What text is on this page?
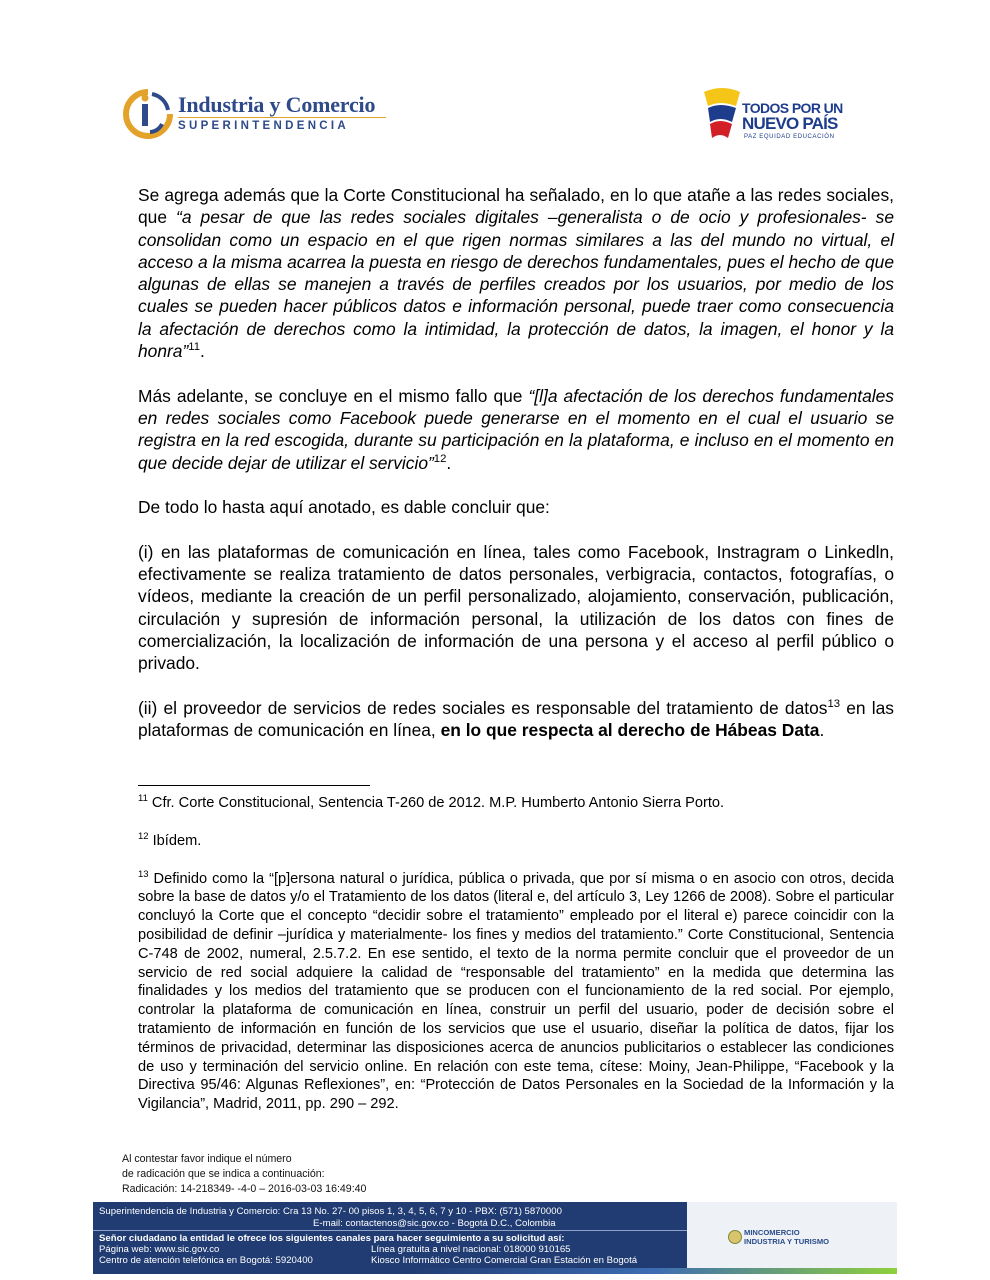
Industria y Comercio
SUPERINTENDENCIA
TODOS POR UN
NUEVO PAÍS
PAZ EQUIDAD EDUCACIÓN

Se agrega además que la Corte Constitucional ha señalado, en lo que atañe a las redes sociales, que “a pesar de que las redes sociales digitales –generalista o de ocio y profesionales- se consolidan como un espacio en el que rigen normas similares a las del mundo no virtual, el acceso a la misma acarrea la puesta en riesgo de derechos fundamentales, pues el hecho de que algunas de ellas se manejen a través de perfiles creados por los usuarios, por medio de los cuales se pueden hacer públicos datos e información personal, puede traer como consecuencia la afectación de derechos como la intimidad, la protección de datos, la imagen, el honor y la honra”$^{11}$.

Más adelante, se concluye en el mismo fallo que “[l]a afectación de los derechos fundamentales en redes sociales como Facebook puede generarse en el momento en el cual el usuario se registra en la red escogida, durante su participación en la plataforma, e incluso en el momento en que decide dejar de utilizar el servicio”$^{12}$.

De todo lo hasta aquí anotado, es dable concluir que:

(i) en las plataformas de comunicación en línea, tales como Facebook, Instragram o Linkedln, efectivamente se realiza tratamiento de datos personales, verbigracia, contactos, fotografías, o vídeos, mediante la creación de un perfil personalizado, alojamiento, conservación, publicación, circulación y supresión de información personal, la utilización de los datos con fines de comercialización, la localización de información de una persona y el acceso al perfil público o privado.

(ii) el proveedor de servicios de redes sociales es responsable del tratamiento de datos$^{13}$ en las plataformas de comunicación en línea, en lo que respecta al derecho de Hábeas Data.

$^{11}$ Cfr. Corte Constitucional, Sentencia T-260 de 2012. M.P. Humberto Antonio Sierra Porto.
$^{12}$ Ibídem.
$^{13}$ Definido como la “[p]ersona natural o jurídica, pública o privada, que por sí misma o en asocio con otros, decida sobre la base de datos y/o el Tratamiento de los datos (literal e, del artículo 3, Ley 1266 de 2008). Sobre el particular concluyó la Corte que el concepto “decidir sobre el tratamiento” empleado por el literal e) parece coincidir con la posibilidad de definir –jurídica y materialmente- los fines y medios del tratamiento.” Corte Constitucional, Sentencia C-748 de 2002, numeral, 2.5.7.2. En ese sentido, el texto de la norma permite concluir que el proveedor de un servicio de red social adquiere la calidad de “responsable del tratamiento” en la medida que determina las finalidades y los medios del tratamiento que se producen con el funcionamiento de la red social. Por ejemplo, controlar la plataforma de comunicación en línea, construir un perfil del usuario, poder de decisión sobre el tratamiento de información en función de los servicios que use el usuario, diseñar la política de datos, fijar los términos de privacidad, determinar las disposiciones acerca de anuncios publicitarios o establecer las condiciones de uso y terminación del servicio online. En relación con este tema, cítese: Moiny, Jean-Philippe, “Facebook y la Directiva 95/46: Algunas Reflexiones”, en: “Protección de Datos Personales en la Sociedad de la Información y la Vigilancia”, Madrid, 2011, pp. 290 – 292.
Al contestar favor indique el número
de radicación que se indica a continuación:
Radicación: 14-218349- -4-0 – 2016-03-03 16:49:40
Superintendencia de Industria y Comercio: Cra 13 No. 27- 00 pisos 1, 3, 4, 5, 6, 7 y 10 - PBX: (571) 5870000
E-mail: contactenos@sic.gov.co - Bogotá D.C., Colombia
Señor ciudadano la entidad le ofrece los siguientes canales para hacer seguimiento a su solicitud así:
Página web: www.sic.gov.co	Línea gratuita a nivel nacional: 018000 910165
Centro de atención telefónica en Bogotá: 5920400	Kiosco Informático Centro Comercial Gran Estación en Bogotá
MINCOMERCIO
INDUSTRIA Y TURISMO
